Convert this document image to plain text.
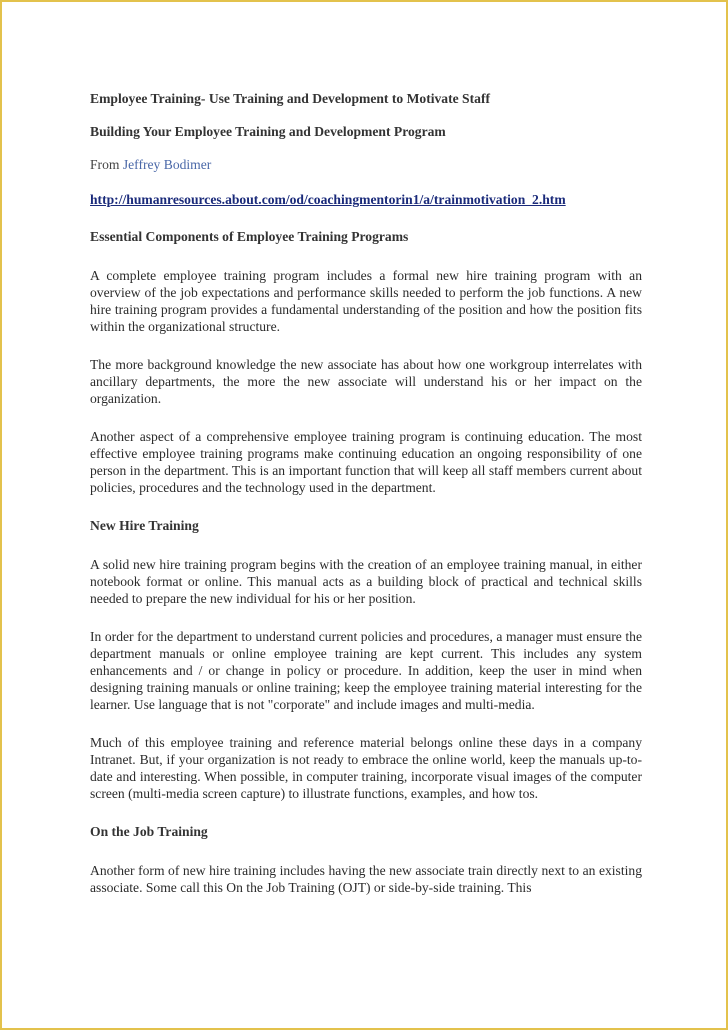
Employee Training- Use Training and Development to Motivate Staff

Building Your Employee Training and Development Program

From Jeffrey Bodimer

http://humanresources.about.com/od/coachingmentorin1/a/trainmotivation_2.htm

Essential Components of Employee Training Programs

A complete employee training program includes a formal new hire training program with an overview of the job expectations and performance skills needed to perform the job functions. A new hire training program provides a fundamental understanding of the position and how the position fits within the organizational structure.

The more background knowledge the new associate has about how one workgroup interrelates with ancillary departments, the more the new associate will understand his or her impact on the organization.

Another aspect of a comprehensive employee training program is continuing education. The most effective employee training programs make continuing education an ongoing responsibility of one person in the department. This is an important function that will keep all staff members current about policies, procedures and the technology used in the department.

New Hire Training

A solid new hire training program begins with the creation of an employee training manual, in either notebook format or online. This manual acts as a building block of practical and technical skills needed to prepare the new individual for his or her position.

In order for the department to understand current policies and procedures, a manager must ensure the department manuals or online employee training are kept current. This includes any system enhancements and / or change in policy or procedure. In addition, keep the user in mind when designing training manuals or online training; keep the employee training material interesting for the learner. Use language that is not "corporate" and include images and multi-media.

Much of this employee training and reference material belongs online these days in a company Intranet. But, if your organization is not ready to embrace the online world, keep the manuals up-to-date and interesting. When possible, in computer training, incorporate visual images of the computer screen (multi-media screen capture) to illustrate functions, examples, and how tos.

On the Job Training

Another form of new hire training includes having the new associate train directly next to an existing associate. Some call this On the Job Training (OJT) or side-by-side training. This
